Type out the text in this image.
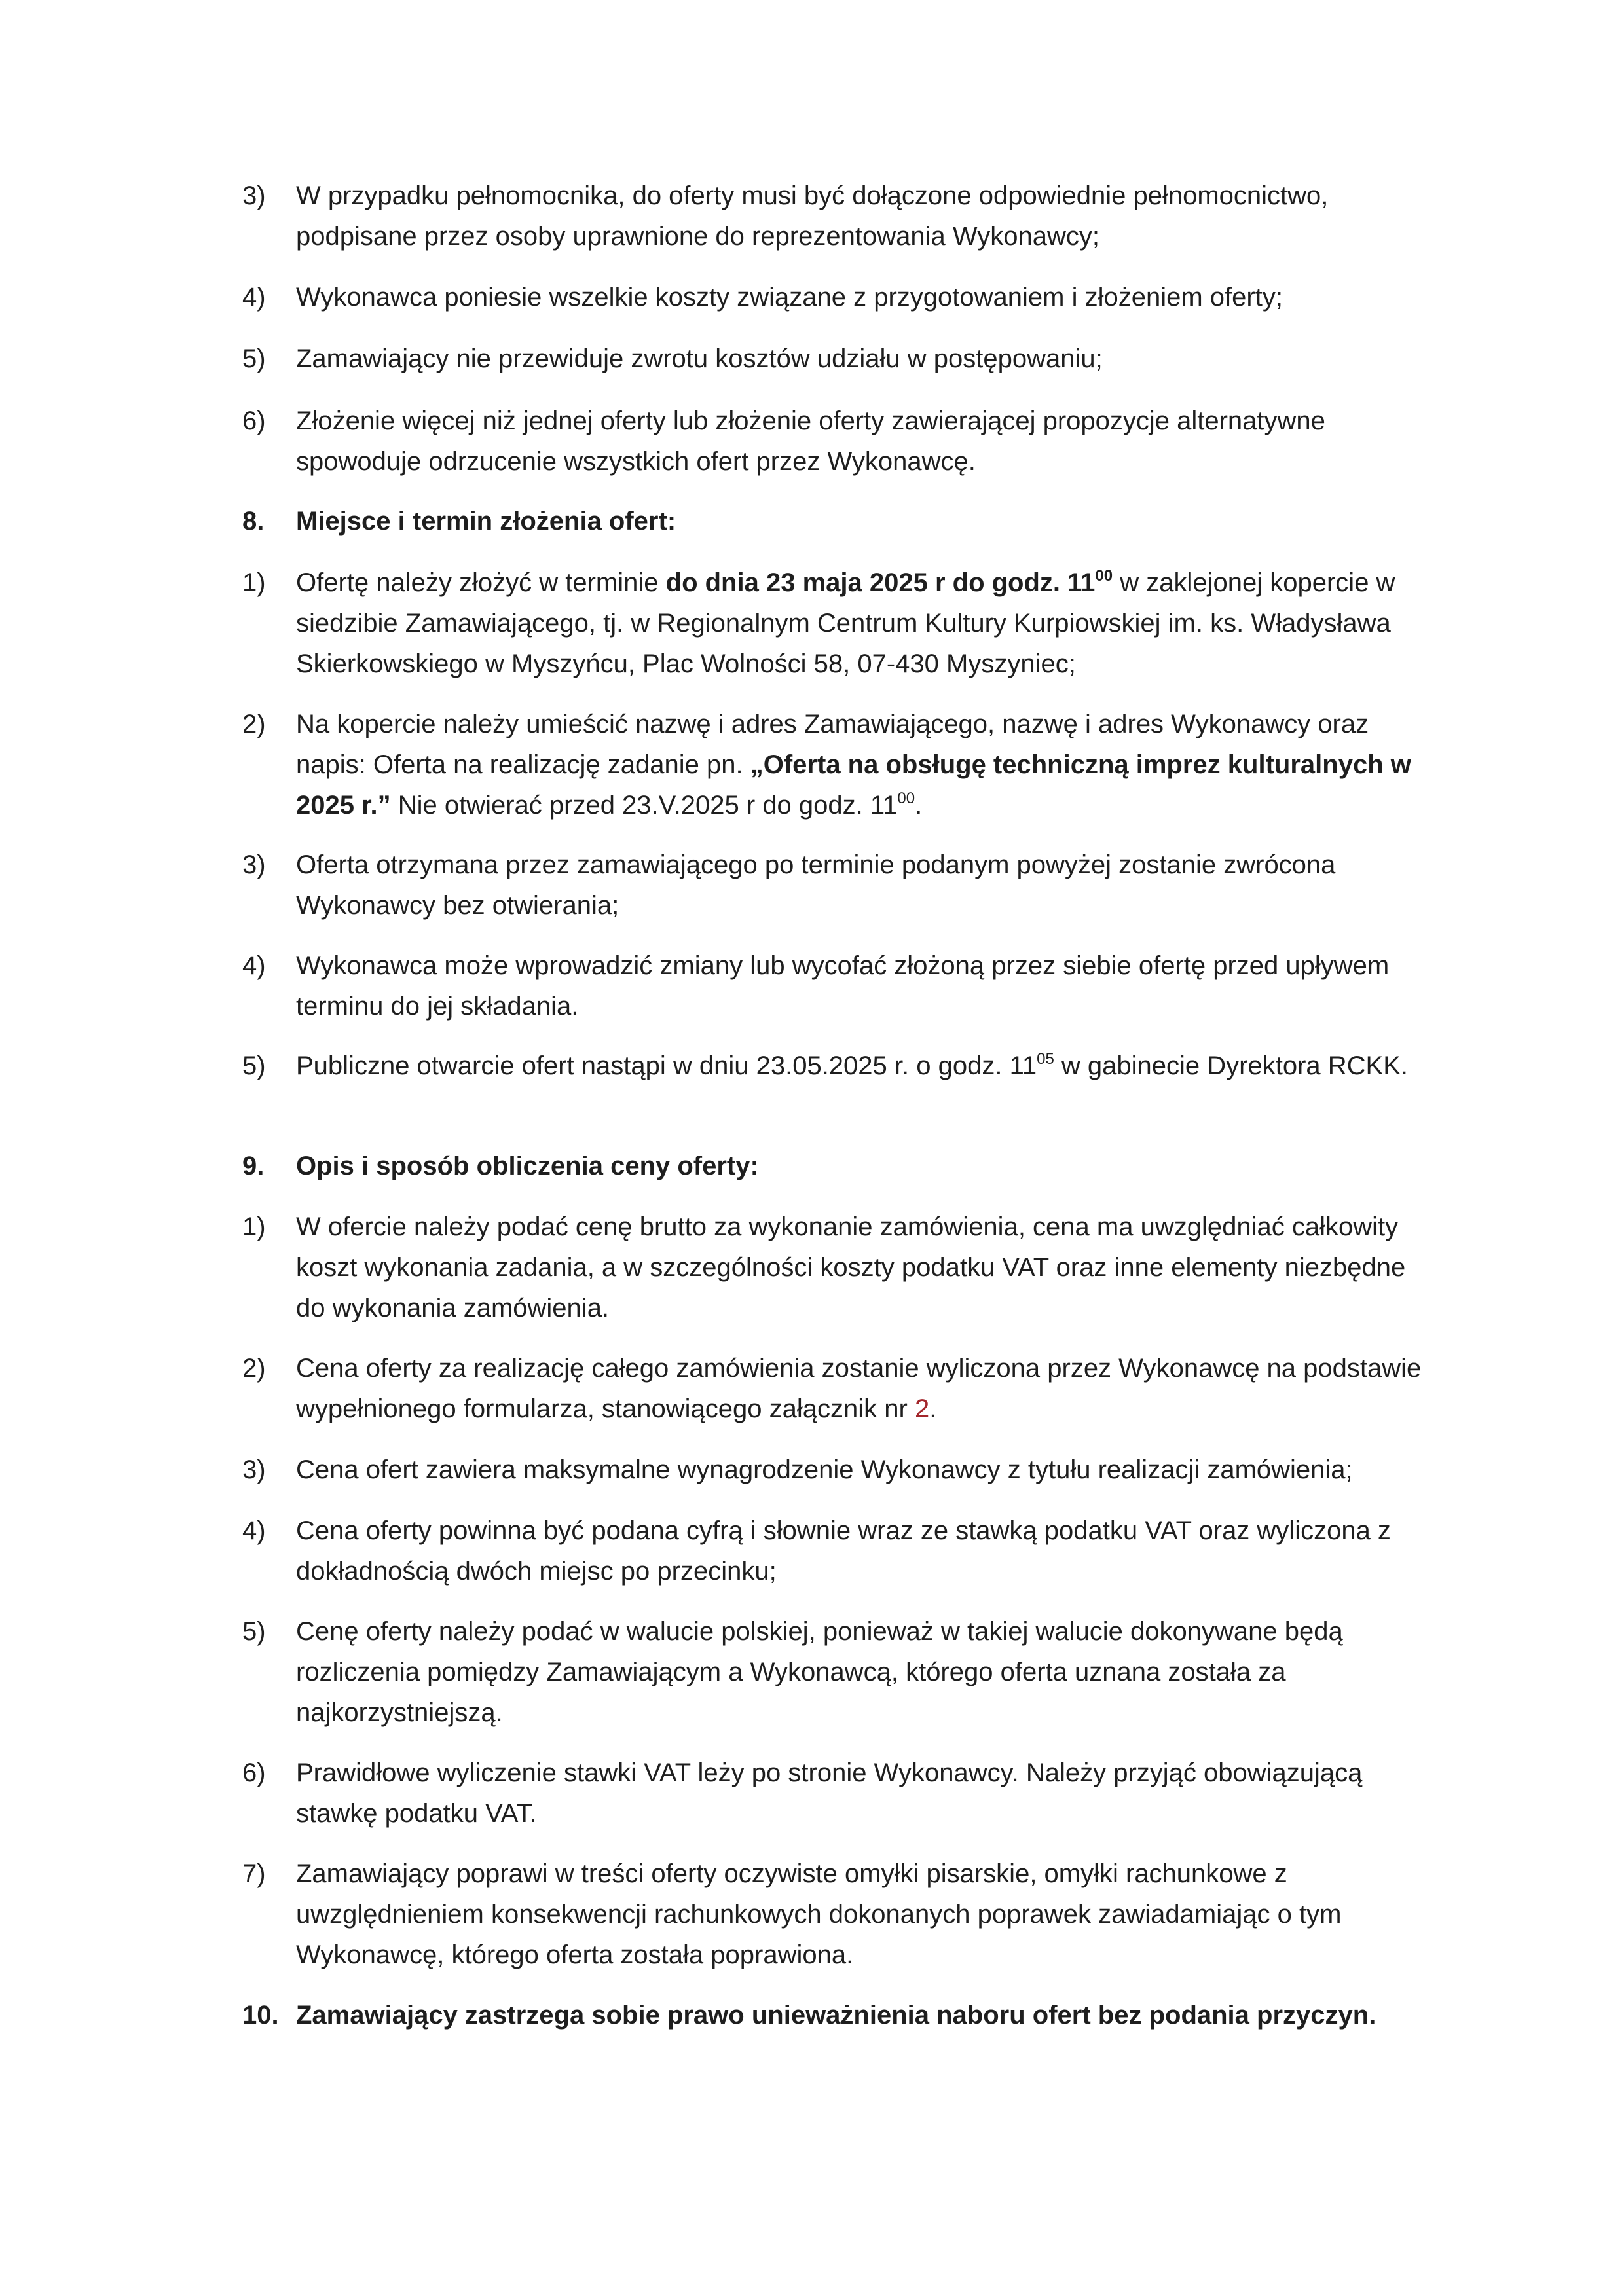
3) W przypadku pełnomocnika, do oferty musi być dołączone odpowiednie pełnomocnictwo, podpisane przez osoby uprawnione do reprezentowania Wykonawcy;
4) Wykonawca poniesie wszelkie koszty związane z przygotowaniem i złożeniem oferty;
5) Zamawiający nie przewiduje zwrotu kosztów udziału w postępowaniu;
6) Złożenie więcej niż jednej oferty lub złożenie oferty zawierającej propozycje alternatywne spowoduje odrzucenie wszystkich ofert przez Wykonawcę.
8. Miejsce i termin złożenia ofert:
1) Ofertę należy złożyć w terminie do dnia 23 maja 2025 r do godz. $11^{00}$ w zaklejonej kopercie w siedzibie Zamawiającego, tj. w Regionalnym Centrum Kultury Kurpiowskiej im. ks. Władysława Skierkowskiego w Myszyńcu, Plac Wolności 58, 07-430 Myszyniec;
2) Na kopercie należy umieścić nazwę i adres Zamawiającego, nazwę i adres Wykonawcy oraz napis: Oferta na realizację zadanie pn. „Oferta na obsługę techniczną imprez kulturalnych w 2025 r.” Nie otwierać przed 23.V.2025 r do godz. $11^{00}$.
3) Oferta otrzymana przez zamawiającego po terminie podanym powyżej zostanie zwrócona Wykonawcy bez otwierania;
4) Wykonawca może wprowadzić zmiany lub wycofać złożoną przez siebie ofertę przed upływem terminu do jej składania.
5) Publiczne otwarcie ofert nastąpi w dniu 23.05.2025 r. o godz. $11^{05}$ w gabinecie Dyrektora RCKK.
9. Opis i sposób obliczenia ceny oferty:
1) W ofercie należy podać cenę brutto za wykonanie zamówienia, cena ma uwzględniać całkowity koszt wykonania zadania, a w szczególności koszty podatku VAT oraz inne elementy niezbędne do wykonania zamówienia.
2) Cena oferty za realizację całego zamówienia zostanie wyliczona przez Wykonawcę na podstawie wypełnionego formularza, stanowiącego załącznik nr 2.
3) Cena ofert zawiera maksymalne wynagrodzenie Wykonawcy z tytułu realizacji zamówienia;
4) Cena oferty powinna być podana cyfrą i słownie wraz ze stawką podatku VAT oraz wyliczona z dokładnością dwóch miejsc po przecinku;
5) Cenę oferty należy podać w walucie polskiej, ponieważ w takiej walucie dokonywane będą rozliczenia pomiędzy Zamawiającym a Wykonawcą, którego oferta uznana została za najkorzystniejszą.
6) Prawidłowe wyliczenie stawki VAT leży po stronie Wykonawcy. Należy przyjąć obowiązującą stawkę podatku VAT.
7) Zamawiający poprawi w treści oferty oczywiste omyłki pisarskie, omyłki rachunkowe z uwzględnieniem konsekwencji rachunkowych dokonanych poprawek zawiadamiając o tym Wykonawcę, którego oferta została poprawiona.
10. Zamawiający zastrzega sobie prawo unieważnienia naboru ofert bez podania przyczyn.
